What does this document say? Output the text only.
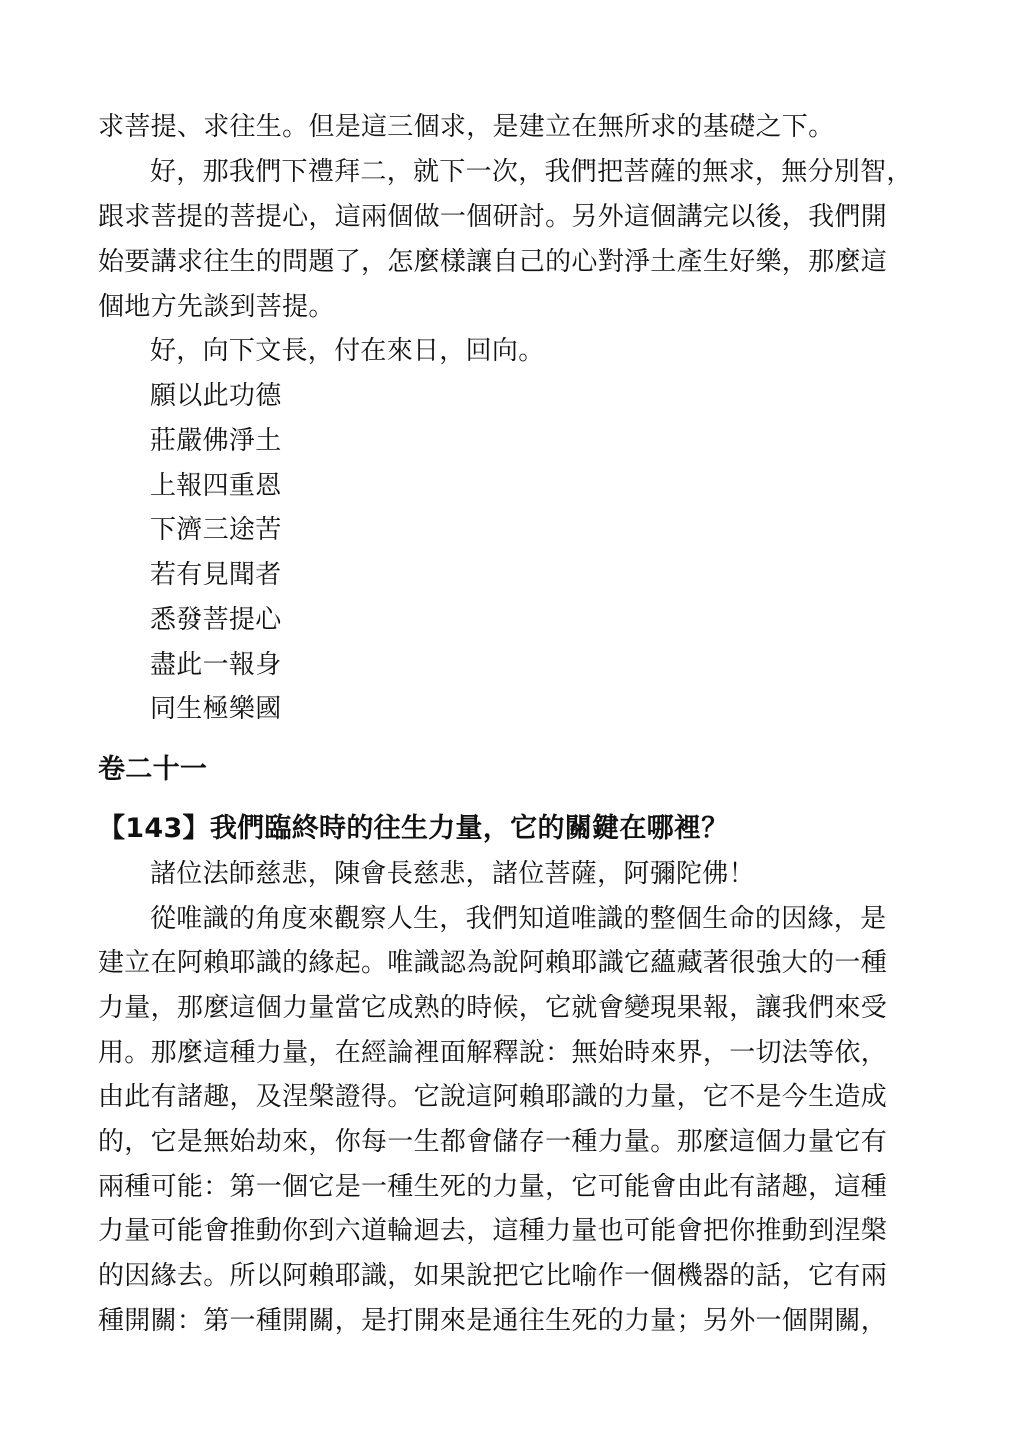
求菩提、求往生。但是這三個求，是建立在無所求的基礎之下。
好，那我們下禮拜二，就下一次，我們把菩薩的無求，無分別智，
跟求菩提的菩提心，這兩個做一個研討。另外這個講完以後，我們開
始要講求往生的問題了，怎麼樣讓自己的心對淨土產生好樂，那麼這
個地方先談到菩提。
好，向下文長，付在來日，回向。
願以此功德
莊嚴佛淨土
上報四重恩
下濟三途苦
若有見聞者
悉發菩提心
盡此一報身
同生極樂國
卷二十一
【143】我們臨終時的往生力量，它的關鍵在哪裡？
諸位法師慈悲，陳會長慈悲，諸位菩薩，阿彌陀佛！
從唯識的角度來觀察人生，我們知道唯識的整個生命的因緣，是
建立在阿賴耶識的緣起。唯識認為說阿賴耶識它蘊藏著很強大的一種
力量，那麼這個力量當它成熟的時候，它就會變現果報，讓我們來受
用。那麼這種力量，在經論裡面解釋說：無始時來界，一切法等依，
由此有諸趣，及涅槃證得。它說這阿賴耶識的力量，它不是今生造成
的，它是無始劫來，你每一生都會儲存一種力量。那麼這個力量它有
兩種可能：第一個它是一種生死的力量，它可能會由此有諸趣，這種
力量可能會推動你到六道輪迴去，這種力量也可能會把你推動到涅槃
的因緣去。所以阿賴耶識，如果說把它比喻作一個機器的話，它有兩
種開關：第一種開關，是打開來是通往生死的力量；另外一個開關，
